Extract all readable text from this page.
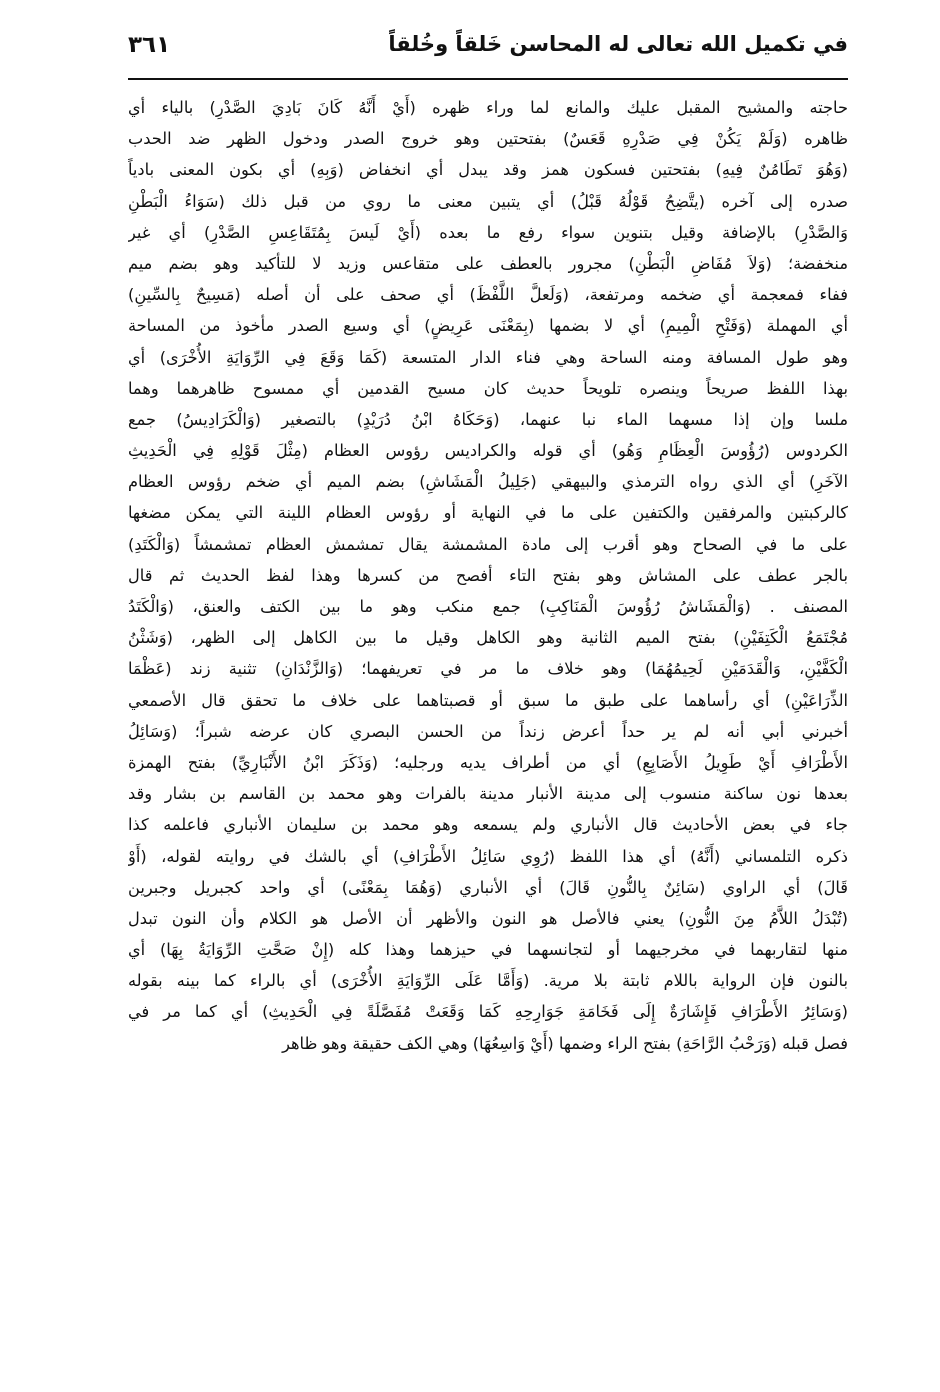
في تكميل الله تعالى له المحاسن خَلقاً وخُلقاً
٣٦١
حاجته والمشيح المقبل عليك والمانع لما وراء ظهره (أَيْ أَنَّهُ كَانَ بَادِيَ الصَّدْرِ) بالياء أي
ظاهره (وَلَمْ يَكُنْ فِي صَدْرِهِ قَعَسٌ) بفتحتين وهو خروج الصدر ودخول الظهر ضد الحدب
(وَهُوَ تَطَامُنٌ فِيهِ) بفتحتين فسكون همز وقد يبدل أي انخفاض (وَبِهِ) أي بكون المعنى بادياً
صدره إلى آخره (يتَّضِحُ قَوْلُهُ قَبْلُ) أي يتبين معنى ما روي من قبل ذلك (سَوَاءُ الْبَطْنِ
وَالصَّدْرِ) بالإضافة وقيل بتنوين سواء رفع ما بعده (أَيْ لَيسَ بِمُتَقَاعِسِ الصَّدْرِ) أي غير
منخفضة؛ (وَلاَ مُفَاضِ الْبَطْنِ) مجرور بالعطف على متقاعس وزيد لا للتأكيد وهو بضم ميم
ففاء فمعجمة أي ضخمه ومرتفعة، (وَلَعلَّ اللَّفْظَ) أي صحف على أن أصله (مَسِيحٌ بِالسِّينِ)
أي المهملة (وَفَتْحِ الْمِيمِ) أي لا بضمها (بِمَعْنَى عَرِيضٍ) أي وسيع الصدر مأخوذ من المساحة
وهو طول المسافة ومنه الساحة وهي فناء الدار المتسعة (كَمَا وَقَعَ فِي الرِّوَايَةِ الأُخْرَى) أي
بهذا اللفظ صريحاً وينصره تلويحاً حديث كان مسيح القدمين أي ممسوح ظاهرهما وهما
ملسا وإن إذا مسهما الماء نبا عنهما، (وَحَكَاهُ ابْنُ دُرَيْدٍ) بالتصغير (وَالْكَرَادِيسُ) جمع
الكردوس (رُؤُوسَ الْعِظَامِ وَهُو) أي قوله والكراديس رؤوس العظام (مِثْلَ قَوْلِهِ فِي الْحَدِيثِ
الآخَرِ) أي الذي رواه الترمذي والبيهقي (جَلِيلُ الْمَشَاشِ) بضم الميم أي ضخم رؤوس العظام
كالركبتين والمرفقين والكتفين على ما في النهاية أو رؤوس العظام اللينة التي يمكن مضغها
على ما في الصحاح وهو أقرب إلى مادة المشمشة يقال تمشمش العظام تمشمشاً (وَالْكَتَدِ)
بالجر عطف على المشاش وهو بفتح التاء أفصح من كسرها وهذا لفظ الحديث ثم قال
المصنف . (وَالْمَشَاشُ رُؤُوسَ الْمَنَاكِبِ) جمع منكب وهو ما بين الكتف والعنق، (وَالْكَتَدُ
مُجْتَمَعُ الْكَتِفَيْنِ) بفتح الميم الثانية وهو الكاهل وقيل ما بين الكاهل إلى الظهر، (وَشَثْنُ
الْكَفَّيْنِ، وَالْقَدَمَيْنِ لَحِيمُهُمَا) وهو خلاف ما مر في تعريفهما؛ (وَالزَّنْدَانِ) تثنية زند (عَظْمَا
الذِّرَاعَيْنِ) أي رأساهما على طبق ما سبق أو قصبتاهما على خلاف ما تحقق قال الأصمعي
أخبرني أبي أنه لم ير حداً أعرض زنداً من الحسن البصري كان عرضه شبراً؛ (وَسَائِلُ
الأَطْرَافِ أَيْ طَوِيلُ الأَصَابِعِ) أي من أطراف يديه ورجليه؛ (وَذَكَرَ ابْنُ الأَنْبَارِيِّ) بفتح الهمزة
بعدها نون ساكنة منسوب إلى مدينة الأنبار مدينة بالفرات وهو محمد بن القاسم بن بشار وقد
جاء في بعض الأحاديث قال الأنباري ولم يسمعه وهو محمد بن سليمان الأنباري فاعلمه كذا
ذكره التلمساني (أَنَّهُ) أي هذا اللفظ (رُوِي سَائِلُ الأَطْرَافِ) أي بالشك في روايته لقوله، (أَوْ
قَالَ) أي الراوي (سَائِنٌ بِالنُّونِ قَالَ) أي الأنباري (وَهُمَا بِمَعْنًى) أي واحد كجبريل وجبرين
(تُبْدَلُ اللاَّمُ مِنَ النُّونِ) يعني فالأصل هو النون والأظهر أن الأصل هو الكلام وأن النون تبدل
منها لتقاربهما في مخرجيهما أو لتجانسهما في حيزهما وهذا كله (إِنْ صَحَّتِ الرِّوَايَةُ بِهَا) أي
بالنون فإن الرواية باللام ثابتة بلا مرية. (وَأَمَّا عَلَى الرِّوَايَةِ الأُخْرَى) أي بالراء كما بينه بقوله
(وَسَائِرُ الأَطْرَافِ فَإِشَارَةٌ إِلَى فَخَامَةِ جَوَارِحِهِ كَمَا وَقَعَتْ مُفَصَّلَةً فِي الْحَدِيثِ) أي كما مر في
فصل قبله (وَرَحْبُ الرَّاحَةِ) بفتح الراء وضمها (أَيْ وَاسِعُهَا) وهي الكف حقيقة وهو ظاهر
